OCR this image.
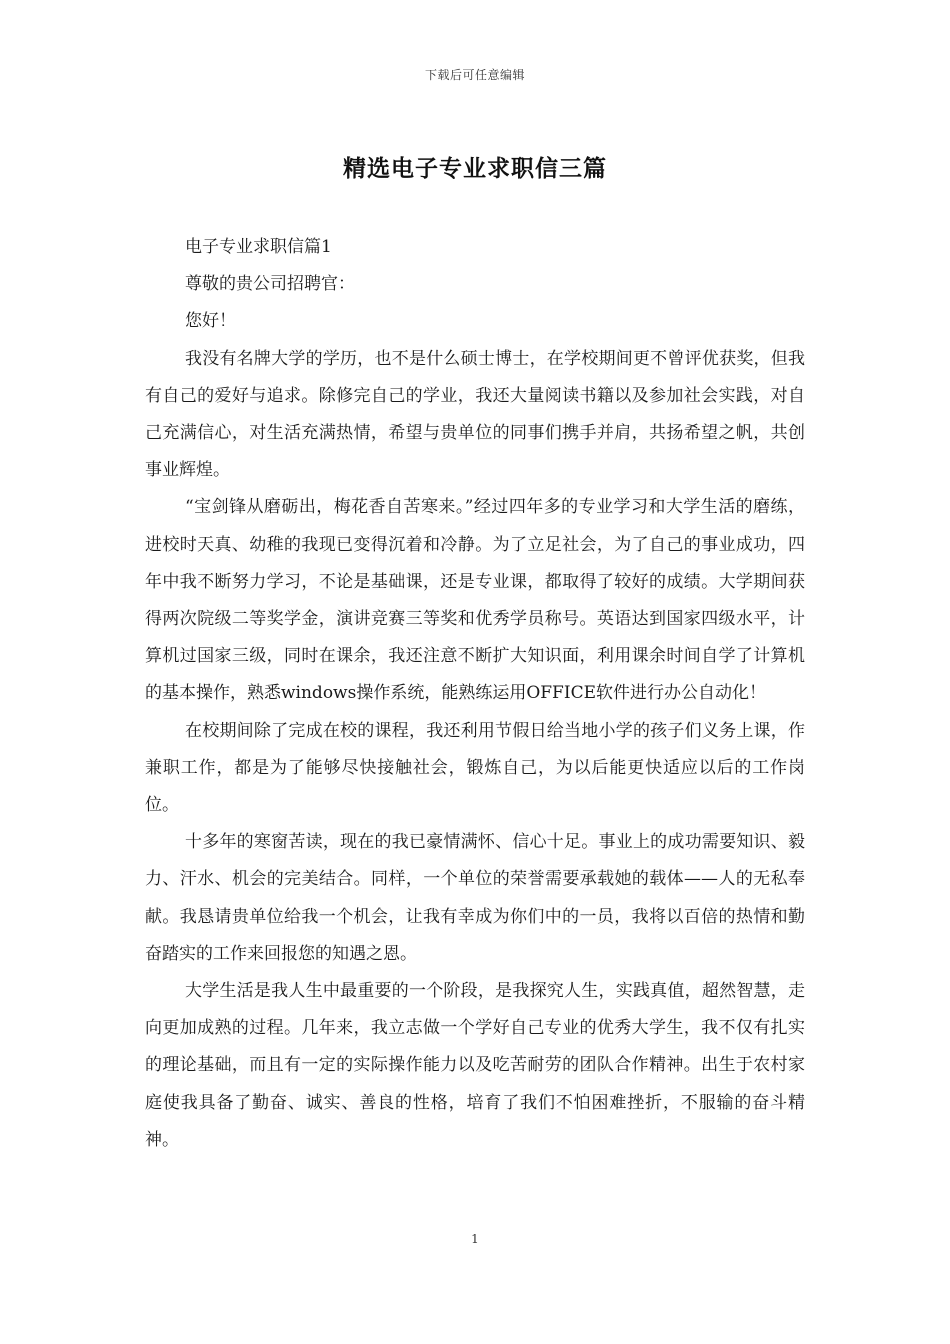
下载后可任意编辑
精选电子专业求职信三篇

电子专业求职信篇1

尊敬的贵公司招聘官：

您好！

我没有名牌大学的学历，也不是什么硕士博士，在学校期间更不曾评优获奖，但我有自己的爱好与追求。除修完自己的学业，我还大量阅读书籍以及参加社会实践，对自己充满信心，对生活充满热情，希望与贵单位的同事们携手并肩，共扬希望之帆，共创事业辉煌。

“宝剑锋从磨砺出，梅花香自苦寒来。”经过四年多的专业学习和大学生活的磨练，进校时天真、幼稚的我现已变得沉着和冷静。为了立足社会，为了自己的事业成功，四年中我不断努力学习，不论是基础课，还是专业课，都取得了较好的成绩。大学期间获得两次院级二等奖学金，演讲竞赛三等奖和优秀学员称号。英语达到国家四级水平，计算机过国家三级，同时在课余，我还注意不断扩大知识面，利用课余时间自学了计算机的基本操作，熟悉windows操作系统，能熟练运用OFFICE软件进行办公自动化！

在校期间除了完成在校的课程，我还利用节假日给当地小学的孩子们义务上课，作兼职工作，都是为了能够尽快接触社会，锻炼自己，为以后能更快适应以后的工作岗位。

十多年的寒窗苦读，现在的我已豪情满怀、信心十足。事业上的成功需要知识、毅力、汗水、机会的完美结合。同样，一个单位的荣誉需要承载她的载体——人的无私奉献。我恳请贵单位给我一个机会，让我有幸成为你们中的一员，我将以百倍的热情和勤奋踏实的工作来回报您的知遇之恩。

大学生活是我人生中最重要的一个阶段，是我探究人生，实践真值，超然智慧，走向更加成熟的过程。几年来，我立志做一个学好自己专业的优秀大学生，我不仅有扎实的理论基础，而且有一定的实际操作能力以及吃苦耐劳的团队合作精神。出生于农村家庭使我具备了勤奋、诚实、善良的性格，培育了我们不怕困难挫折，不服输的奋斗精神。

1
